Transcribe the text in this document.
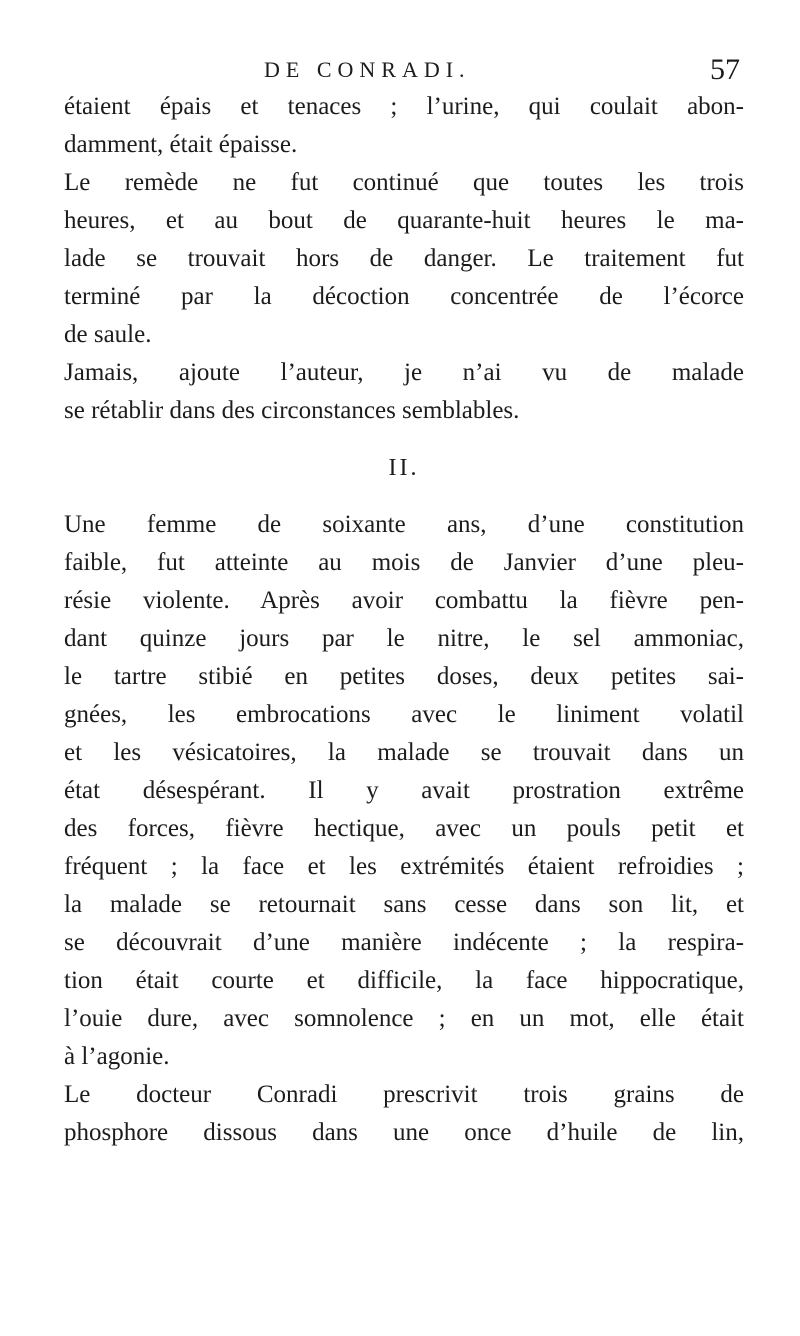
DE CONRADI.	57
étaient épais et tenaces ; l’urine, qui coulait abon-
damment, était épaisse.
Le remède ne fut continué que toutes les trois
heures, et au bout de quarante-huit heures le ma-
lade se trouvait hors de danger. Le traitement fut
terminé par la décoction concentrée de l’écorce
de saule.
Jamais, ajoute l’auteur, je n’ai vu de malade
se rétablir dans des circonstances semblables.
II.
Une femme de soixante ans, d’une constitution
faible, fut atteinte au mois de Janvier d’une pleu-
résie violente. Après avoir combattu la fièvre pen-
dant quinze jours par le nitre, le sel ammoniac,
le tartre stibié en petites doses, deux petites sai-
gnées, les embrocations avec le liniment volatil
et les vésicatoires, la malade se trouvait dans un
état désespérant. Il y avait prostration extrême
des forces, fièvre hectique, avec un pouls petit et
fréquent ; la face et les extrémités étaient refroidies ;
la malade se retournait sans cesse dans son lit, et
se découvrait d’une manière indécente ; la respira-
tion était courte et difficile, la face hippocratique,
l’ouie dure, avec somnolence ; en un mot, elle était
à l’agonie.
Le docteur Conradi prescrivit trois grains de
phosphore dissous dans une once d’huile de lin,
